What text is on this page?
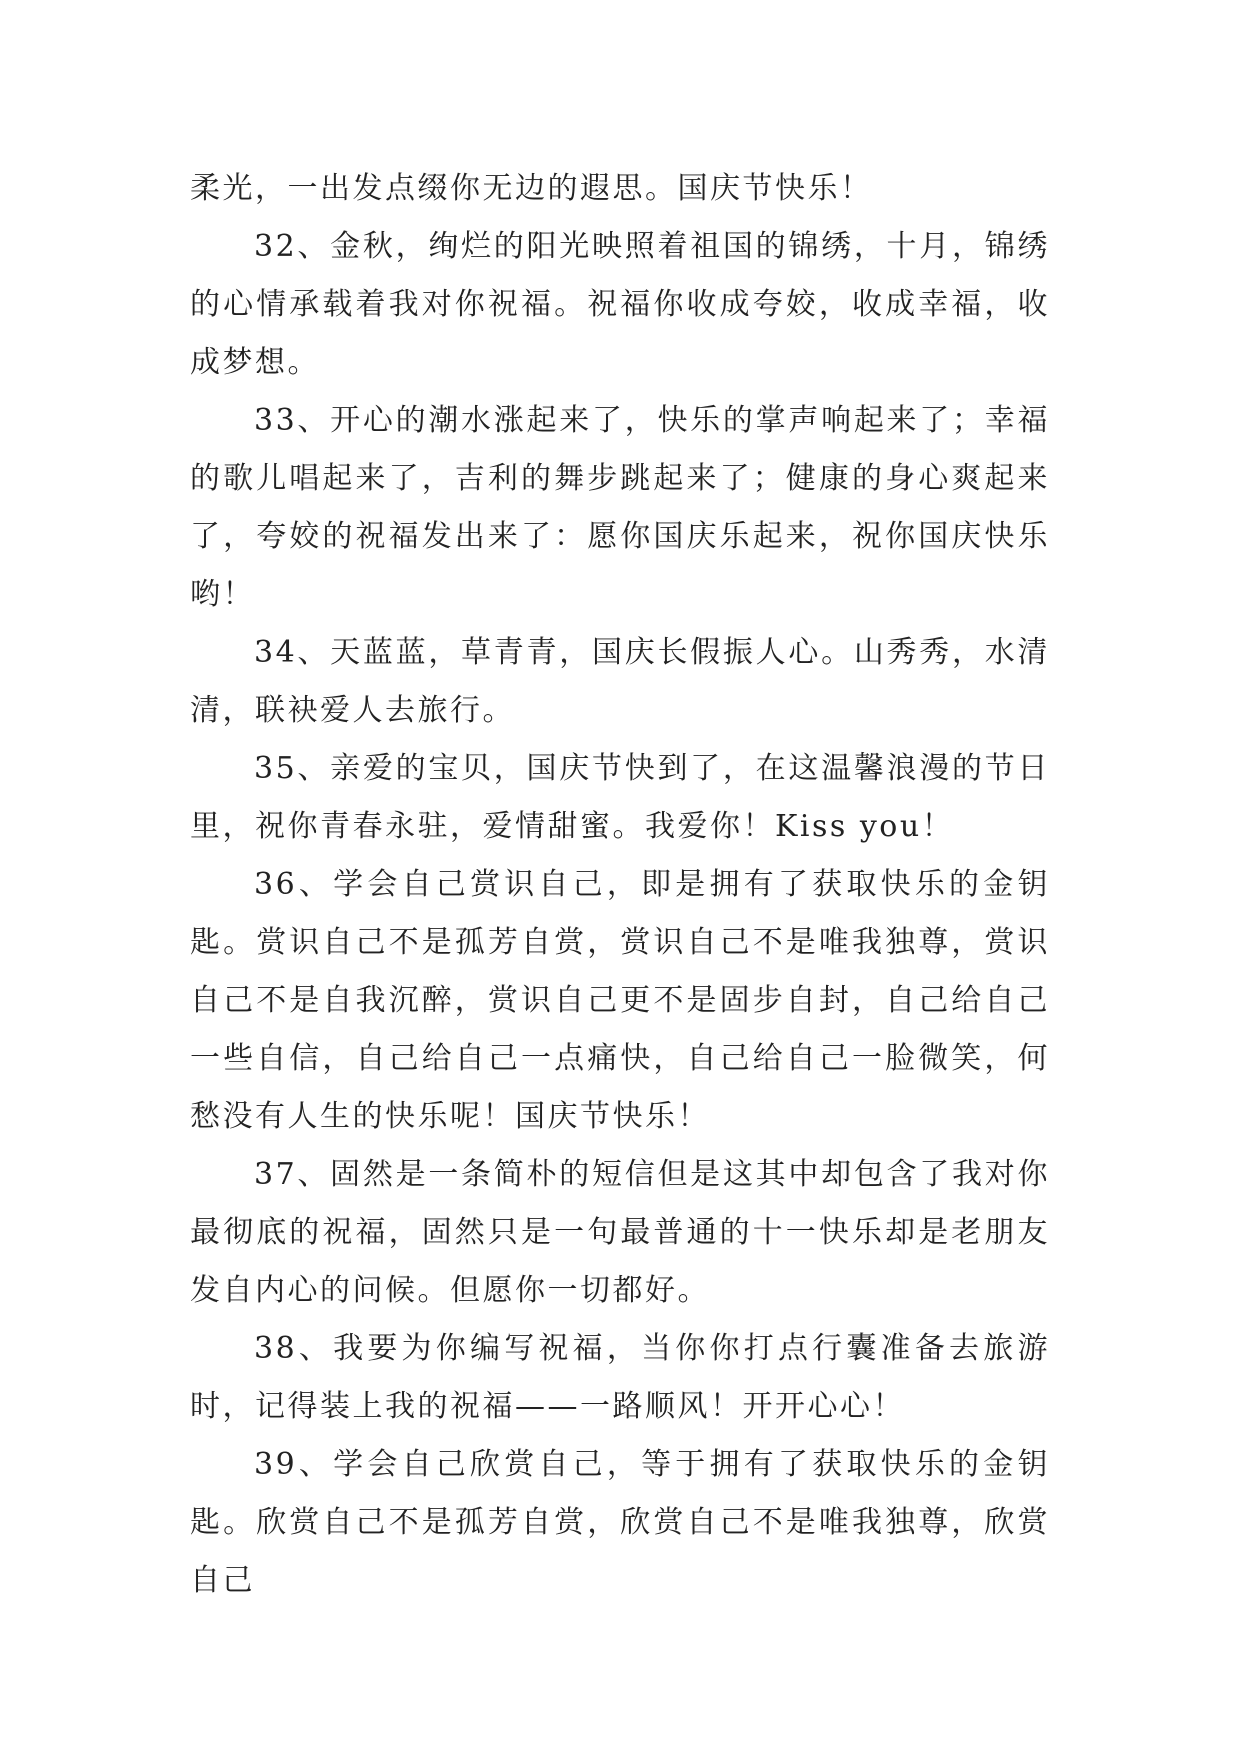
柔光，一出发点缀你无边的遐思。国庆节快乐！

32、金秋，绚烂的阳光映照着祖国的锦绣，十月，锦绣的心情承载着我对你祝福。祝福你收成夸姣，收成幸福，收成梦想。

33、开心的潮水涨起来了，快乐的掌声响起来了；幸福的歌儿唱起来了，吉利的舞步跳起来了；健康的身心爽起来了，夸姣的祝福发出来了：愿你国庆乐起来，祝你国庆快乐哟！

34、天蓝蓝，草青青，国庆长假振人心。山秀秀，水清清，联袂爱人去旅行。

35、亲爱的宝贝，国庆节快到了，在这温馨浪漫的节日里，祝你青春永驻，爱情甜蜜。我爱你！Kiss you！

36、学会自己赏识自己，即是拥有了获取快乐的金钥匙。赏识自己不是孤芳自赏，赏识自己不是唯我独尊，赏识自己不是自我沉醉，赏识自己更不是固步自封，自己给自己一些自信，自己给自己一点痛快，自己给自己一脸微笑，何愁没有人生的快乐呢！国庆节快乐！

37、固然是一条简朴的短信但是这其中却包含了我对你最彻底的祝福，固然只是一句最普通的十一快乐却是老朋友发自内心的问候。但愿你一切都好。

38、我要为你编写祝福，当你你打点行囊准备去旅游时，记得装上我的祝福——一路顺风！开开心心！

39、学会自己欣赏自己，等于拥有了获取快乐的金钥匙。欣赏自己不是孤芳自赏，欣赏自己不是唯我独尊，欣赏自己
